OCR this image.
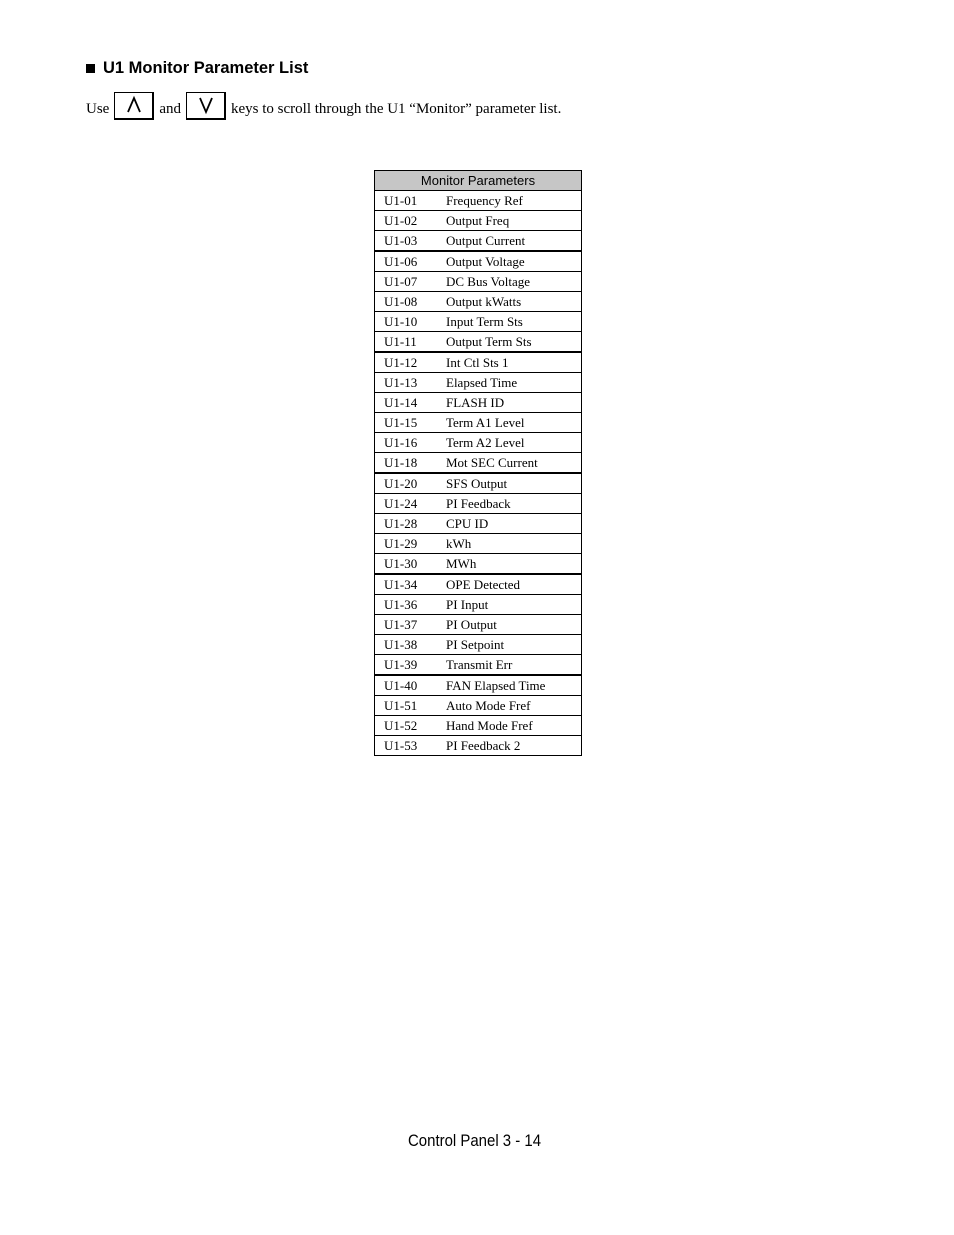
U1 Monitor Parameter List
Use	and	keys to scroll through the U1 “Monitor” parameter list.
Monitor Parameters	
U1-01	Frequency Ref
U1-02	Output Freq
U1-03	Output Current
U1-06	Output Voltage
U1-07	DC Bus Voltage
U1-08	Output kWatts
U1-10	Input Term Sts
U1-11	Output Term Sts
U1-12	Int Ctl Sts 1
U1-13	Elapsed Time
U1-14	FLASH ID
U1-15	Term A1 Level
U1-16	Term A2 Level
U1-18	Mot SEC Current
U1-20	SFS Output
U1-24	PI Feedback
U1-28	CPU ID
U1-29	kWh
U1-30	MWh
U1-34	OPE Detected
U1-36	PI Input
U1-37	PI Output
U1-38	PI Setpoint
U1-39	Transmit Err
U1-40	FAN Elapsed Time
U1-51	Auto Mode Fref
U1-52	Hand Mode Fref
U1-53	PI Feedback 2
Control Panel 3 - 14
